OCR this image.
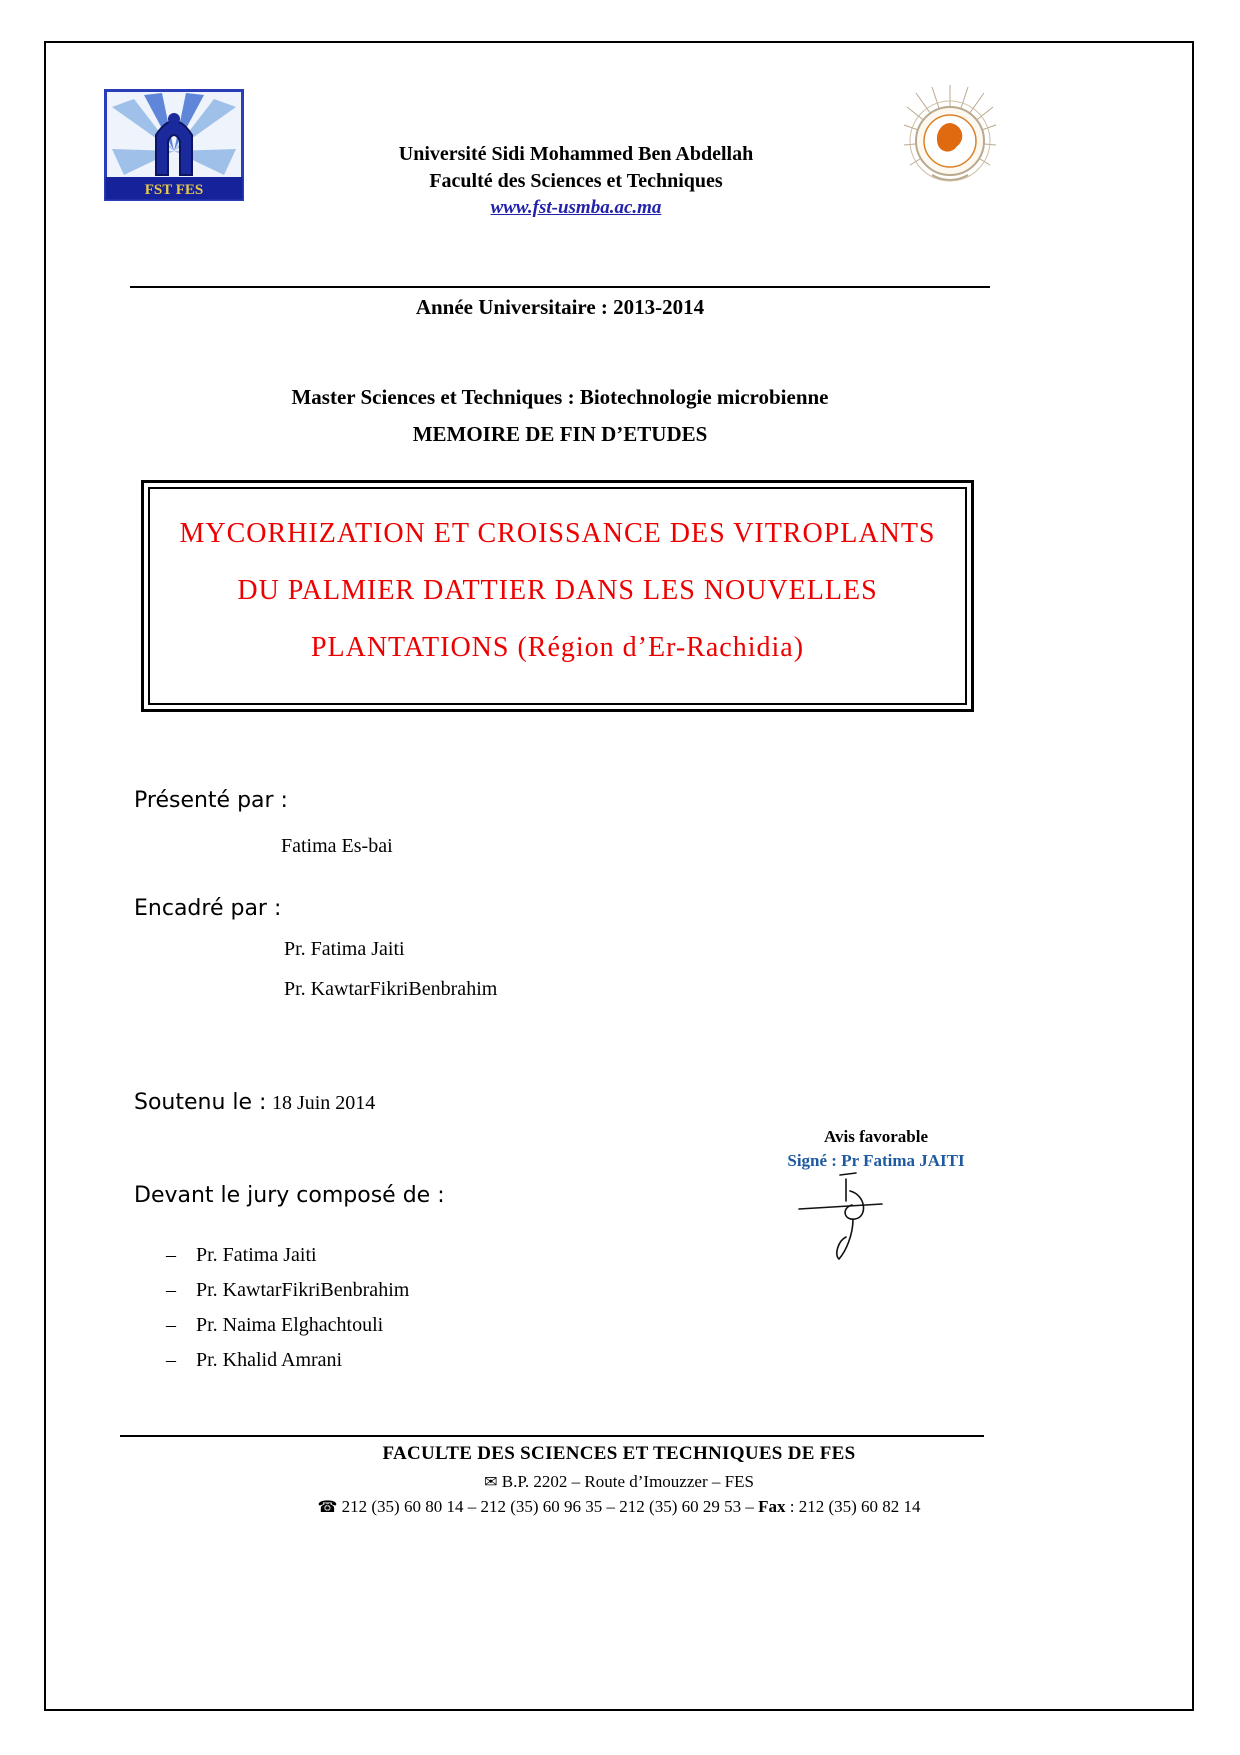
FST FES
Université Sidi Mohammed Ben Abdellah
Faculté des Sciences et Techniques
www.fst-usmba.ac.ma
Année Universitaire : 2013-2014
Master Sciences et Techniques : Biotechnologie microbienne
MEMOIRE DE FIN D’ETUDES
MYCORHIZATION ET CROISSANCE DES VITROPLANTS
DU PALMIER DATTIER DANS LES NOUVELLES
PLANTATIONS (Région d’Er-Rachidia)
Présenté par :
Fatima Es-bai
Encadré par :
Pr. Fatima Jaiti
Pr. KawtarFikriBenbrahim
Soutenu le : 18 Juin 2014
Avis favorable
Signé : Pr Fatima JAITI
Devant le jury composé de :
–	Pr. Fatima Jaiti
–	Pr. KawtarFikriBenbrahim
–	Pr. Naima Elghachtouli
–	Pr. Khalid Amrani
FACULTE DES SCIENCES ET TECHNIQUES DE FES
✉ B.P. 2202 – Route d’Imouzzer – FES
☎ 212 (35) 60 80 14 – 212 (35) 60 96 35 – 212 (35) 60 29 53 – Fax : 212 (35) 60 82 14
